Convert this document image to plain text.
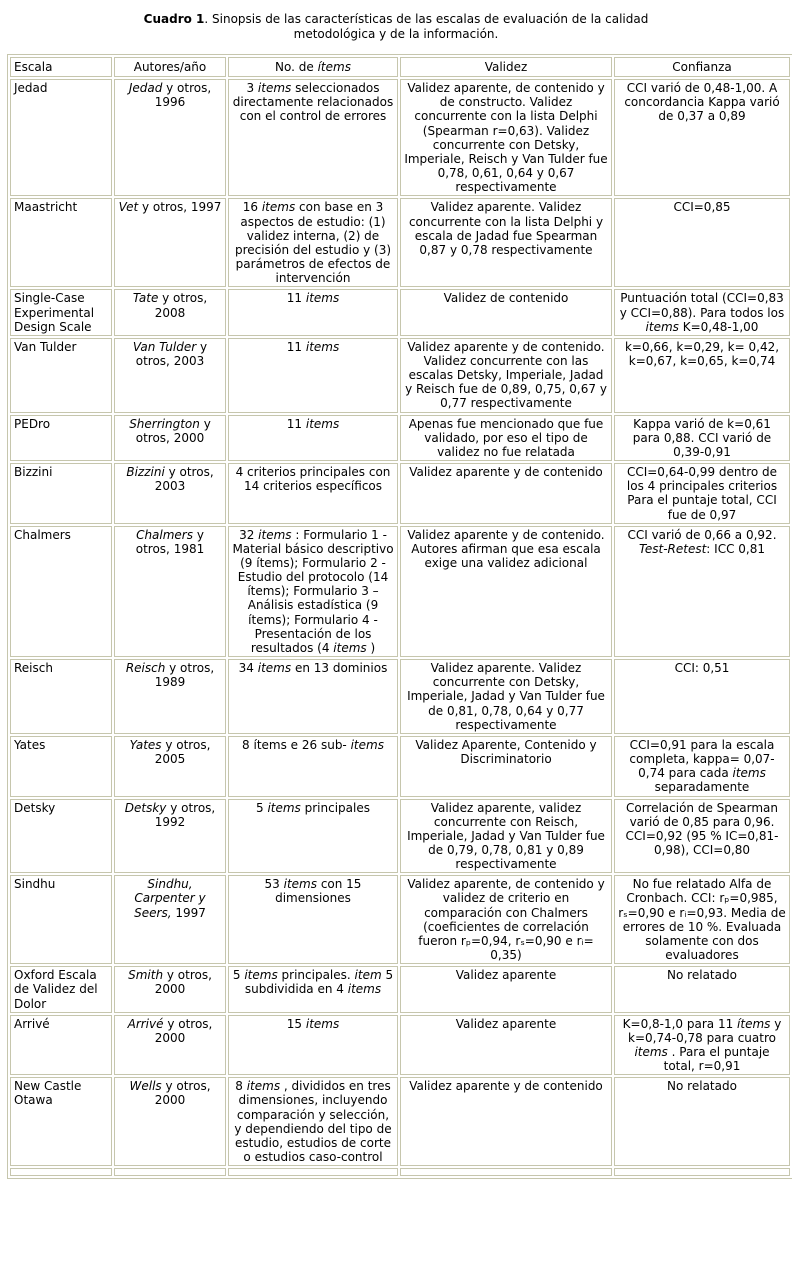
Cuadro 1. Sinopsis de las características de las escalas de evaluación de la calidad metodológica y de la información.
Escala	Autores/año	No. de ítems	Validez	Confianza
Jedad	Jedad y otros, 1996	3 items seleccionados directamente relacionados con el control de errores	Validez aparente, de contenido y de constructo. Validez concurrente con la lista Delphi (Spearman r=0,63). Validez concurrente con Detsky, Imperiale, Reisch y Van Tulder fue 0,78, 0,61, 0,64 y 0,67 respectivamente	CCI varió de 0,48-1,00. A concordancia Kappa varió de 0,37 a 0,89
Maastricht	Vet y otros, 1997	16 items con base en 3 aspectos de estudio: (1) validez interna, (2) de precisión del estudio y (3) parámetros de efectos de intervención	Validez aparente. Validez concurrente con la lista Delphi y escala de Jadad fue Spearman 0,87 y 0,78 respectivamente	CCI=0,85
Single-Case Experimental Design Scale	Tate y otros, 2008	11 items	Validez de contenido	Puntuación total (CCI=0,83 y CCI=0,88). Para todos los items K=0,48-1,00
Van Tulder	Van Tulder y otros, 2003	11 items	Validez aparente y de contenido. Validez concurrente con las escalas Detsky, Imperiale, Jadad y Reisch fue de 0,89, 0,75, 0,67 y 0,77 respectivamente	k=0,66, k=0,29, k= 0,42, k=0,67, k=0,65, k=0,74
PEDro	Sherrington y otros, 2000	11 items	Apenas fue mencionado que fue validado, por eso el tipo de validez no fue relatada	Kappa varió de k=0,61 para 0,88. CCI varió de 0,39-0,91
Bizzini	Bizzini y otros, 2003	4 criterios principales con 14 criterios específicos	Validez aparente y de contenido	CCI=0,64-0,99 dentro de los 4 principales criterios Para el puntaje total, CCI fue de 0,97
Chalmers	Chalmers y otros, 1981	32 items : Formulario 1 - Material básico descriptivo (9 ítems); Formulario 2 - Estudio del protocolo (14 ítems); Formulario 3 – Análisis estadística (9 ítems); Formulario 4 - Presentación de los resultados (4 items )	Validez aparente y de contenido. Autores afirman que esa escala exige una validez adicional	CCI varió de 0,66 a 0,92. Test-Retest: ICC 0,81
Reisch	Reisch y otros, 1989	34 items en 13 dominios	Validez aparente. Validez concurrente con Detsky, Imperiale, Jadad y Van Tulder fue de 0,81, 0,78, 0,64 y 0,77 respectivamente	CCI: 0,51
Yates	Yates y otros, 2005	8 ítems e 26 sub- items	Validez Aparente, Contenido y Discriminatorio	CCI=0,91 para la escala completa, kappa= 0,07-0,74 para cada items separadamente
Detsky	Detsky y otros, 1992	5 items principales	Validez aparente, validez concurrente con Reisch, Imperiale, Jadad y Van Tulder fue de 0,79, 0,78, 0,81 y 0,89 respectivamente	Correlación de Spearman varió de 0,85 para 0,96. CCI=0,92 (95 % IC=0,81-0,98), CCI=0,80
Sindhu	Sindhu, Carpenter y Seers, 1997	53 items con 15 dimensiones	Validez aparente, de contenido y validez de criterio en comparación con Chalmers (coeficientes de correlación fueron rₚ=0,94, rₛ=0,90 e rᵢ= 0,35)	No fue relatado Alfa de Cronbach. CCI: rₚ=0,985, rₛ=0,90 e rᵢ=0,93. Media de errores de 10 %. Evaluada solamente con dos evaluadores
Oxford Escala de Validez del Dolor	Smith y otros, 2000	5 items principales. item 5 subdividida en 4 items	Validez aparente	No relatado
Arrivé	Arrivé y otros, 2000	15 items	Validez aparente	K=0,8-1,0 para 11 ítems y k=0,74-0,78 para cuatro items . Para el puntaje total, r=0,91
New Castle Otawa	Wells y otros, 2000	8 items , divididos en tres dimensiones, incluyendo comparación y selección, y dependiendo del tipo de estudio, estudios de corte o estudios caso-control	Validez aparente y de contenido	No relatado
